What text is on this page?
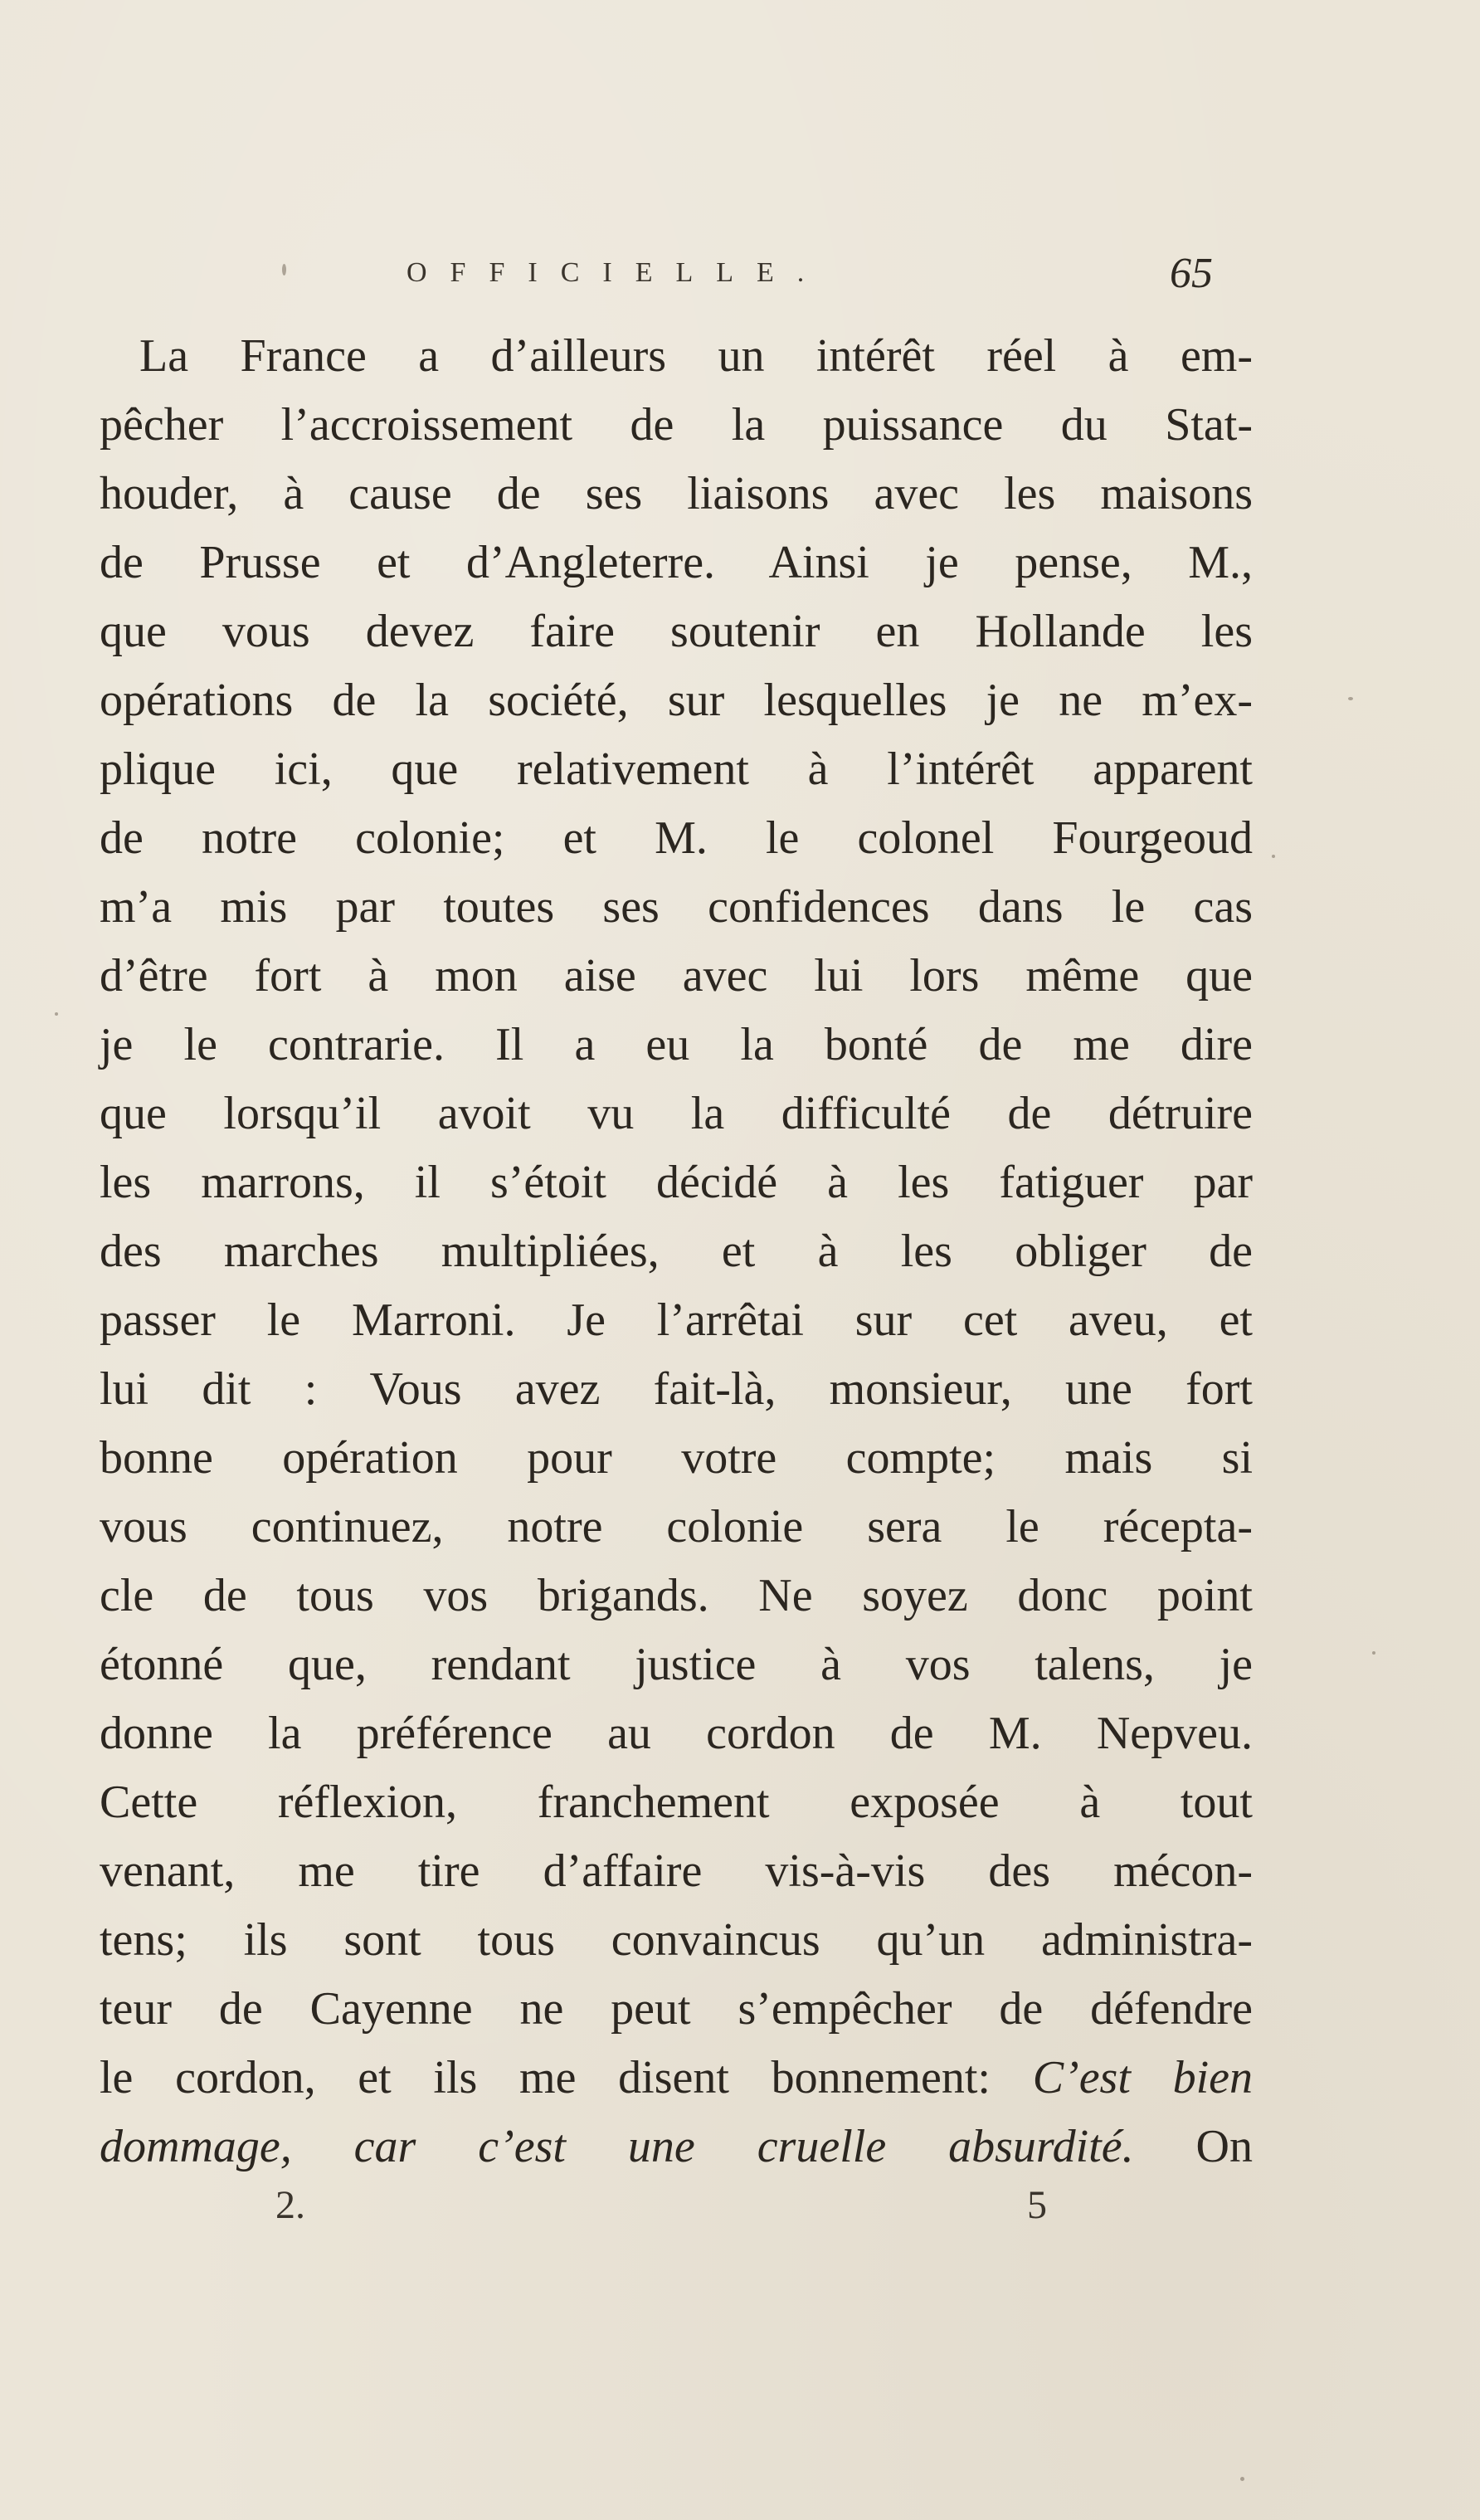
OFFICIELLE.	65
La France a d’ailleurs un intérêt réel à em-
pêcher l’accroissement de la puissance du Stat-
houder, à cause de ses liaisons avec les maisons
de Prusse et d’Angleterre. Ainsi je pense, M.,
que vous devez faire soutenir en Hollande les
opérations de la société, sur lesquelles je ne m’ex-
plique ici, que relativement à l’intérêt apparent
de notre colonie; et M. le colonel Fourgeoud
m’a mis par toutes ses confidences dans le cas
d’être fort à mon aise avec lui lors même que
je le contrarie. Il a eu la bonté de me dire
que lorsqu’il avoit vu la difficulté de détruire
les marrons, il s’étoit décidé à les fatiguer par
des marches multipliées, et à les obliger de
passer le Marroni. Je l’arrêtai sur cet aveu, et
lui dit : Vous avez fait-là, monsieur, une fort
bonne opération pour votre compte; mais si
vous continuez, notre colonie sera le récepta-
cle de tous vos brigands. Ne soyez donc point
étonné que, rendant justice à vos talens, je
donne la préférence au cordon de M. Nepveu.
Cette réflexion, franchement exposée à tout
venant, me tire d’affaire vis-à-vis des mécon-
tens; ils sont tous convaincus qu’un administra-
teur de Cayenne ne peut s’empêcher de défendre
le cordon, et ils me disent bonnement: C’est bien
dommage, car c’est une cruelle absurdité. On
2.	5
